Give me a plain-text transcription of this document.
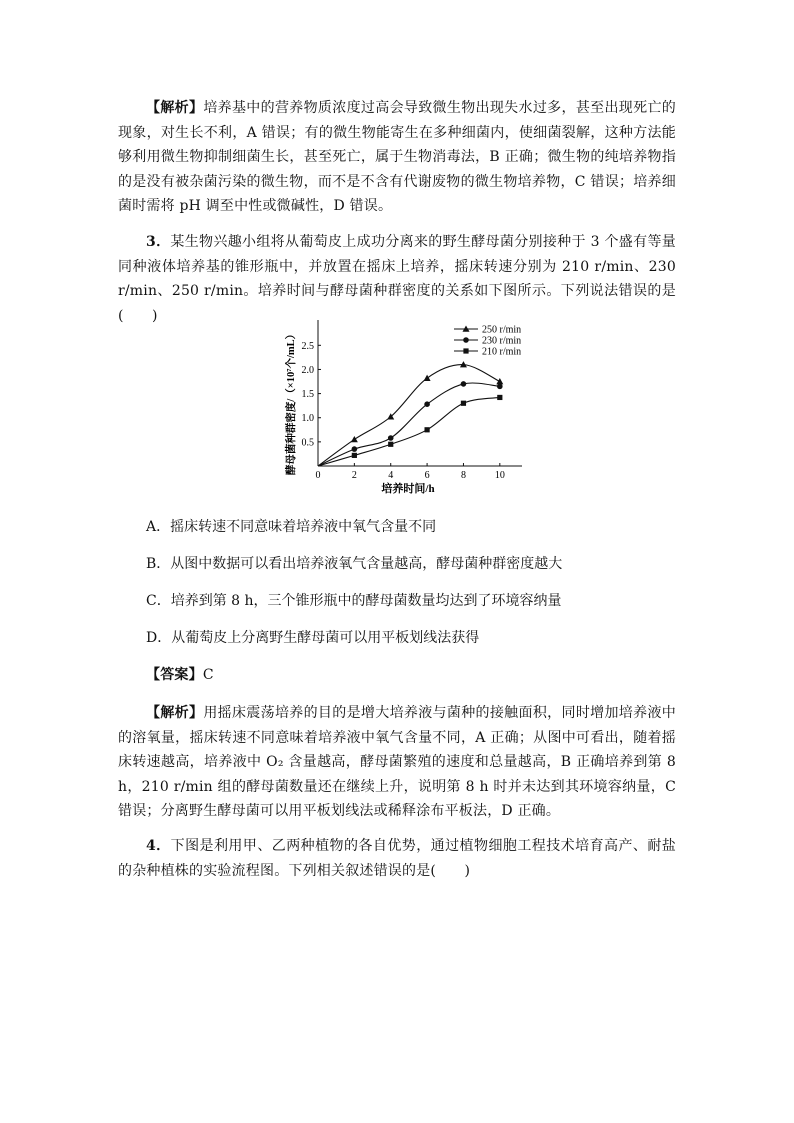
【解析】培养基中的营养物质浓度过高会导致微生物出现失水过多，甚至出现死亡的现象，对生长不利，A 错误；有的微生物能寄生在多种细菌内，使细菌裂解，这种方法能够利用微生物抑制细菌生长，甚至死亡，属于生物消毒法，B 正确；微生物的纯培养物指的是没有被杂菌污染的微生物，而不是不含有代谢废物的微生物培养物，C 错误；培养细菌时需将 pH 调至中性或微碱性，D 错误。

3．某生物兴趣小组将从葡萄皮上成功分离来的野生酵母菌分别接种于 3 个盛有等量同种液体培养基的锥形瓶中，并放置在摇床上培养，摇床转速分别为 210 r/min、230 r/min、250 r/min。培养时间与酵母菌种群密度的关系如下图所示。下列说法错误的是(　　)

0	2	4	6	8	10
0.5
1.0
1.5
2.0
2.5
250 r/min
230 r/min
210 r/min
培养时间/h
酵母菌种群密度/（×10⁷个/mL）

A．摇床转速不同意味着培养液中氧气含量不同

B．从图中数据可以看出培养液氧气含量越高，酵母菌种群密度越大

C．培养到第 8 h，三个锥形瓶中的酵母菌数量均达到了环境容纳量

D．从葡萄皮上分离野生酵母菌可以用平板划线法获得

【答案】C

【解析】用摇床震荡培养的目的是增大培养液与菌种的接触面积，同时增加培养液中的溶氧量，摇床转速不同意味着培养液中氧气含量不同，A 正确；从图中可看出，随着摇床转速越高，培养液中 O₂ 含量越高，酵母菌繁殖的速度和总量越高，B 正确培养到第 8 h，210 r/min 组的酵母菌数量还在继续上升，说明第 8 h 时并未达到其环境容纳量，C 错误；分离野生酵母菌可以用平板划线法或稀释涂布平板法，D 正确。

4．下图是利用甲、乙两种植物的各自优势，通过植物细胞工程技术培育高产、耐盐的杂种植株的实验流程图。下列相关叙述错误的是(　　)
